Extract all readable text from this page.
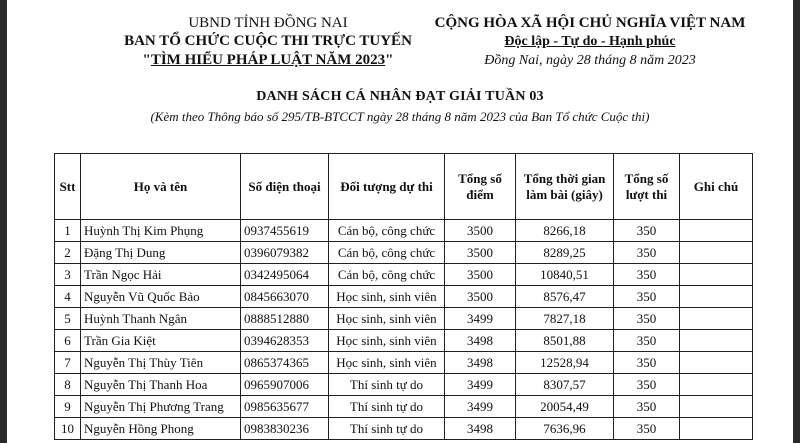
UBND TỈNH ĐỒNG NAI
BAN TỔ CHỨC CUỘC THI TRỰC TUYẾN
"TÌM HIỂU PHÁP LUẬT NĂM 2023"
CỘNG HÒA XÃ HỘI CHỦ NGHĨA VIỆT NAM
Độc lập - Tự do - Hạnh phúc
Đồng Nai, ngày 28 tháng 8 năm 2023
DANH SÁCH CÁ NHÂN ĐẠT GIẢI TUẦN 03
(Kèm theo Thông báo số 295/TB-BTCCT ngày 28 tháng 8 năm 2023 của Ban Tổ chức Cuộc thi)
Stt	Họ và tên	Số điện thoại	Đối tượng dự thi	Tổng số điểm	Tổng thời gian làm bài (giây)	Tổng số lượt thi	Ghi chú
1	Huỳnh Thị Kim Phụng	0937455619	Cán bộ, công chức	3500	8266,18	350	
2	Đặng Thị Dung	0396079382	Cán bộ, công chức	3500	8289,25	350	
3	Trần Ngọc Hải	0342495064	Cán bộ, công chức	3500	10840,51	350	
4	Nguyễn Vũ Quốc Bảo	0845663070	Học sinh, sinh viên	3500	8576,47	350	
5	Huỳnh Thanh Ngân	0888512880	Học sinh, sinh viên	3499	7827,18	350	
6	Trần Gia Kiệt	0394628353	Học sinh, sinh viên	3498	8501,88	350	
7	Nguyễn Thị Thùy Tiên	0865374365	Học sinh, sinh viên	3498	12528,94	350	
8	Nguyễn Thị Thanh Hoa	0965907006	Thí sinh tự do	3499	8307,57	350	
9	Nguyễn Thị Phương Trang	0985635677	Thí sinh tự do	3499	20054,49	350	
10	Nguyễn Hồng Phong	0983830236	Thí sinh tự do	3498	7636,96	350	
